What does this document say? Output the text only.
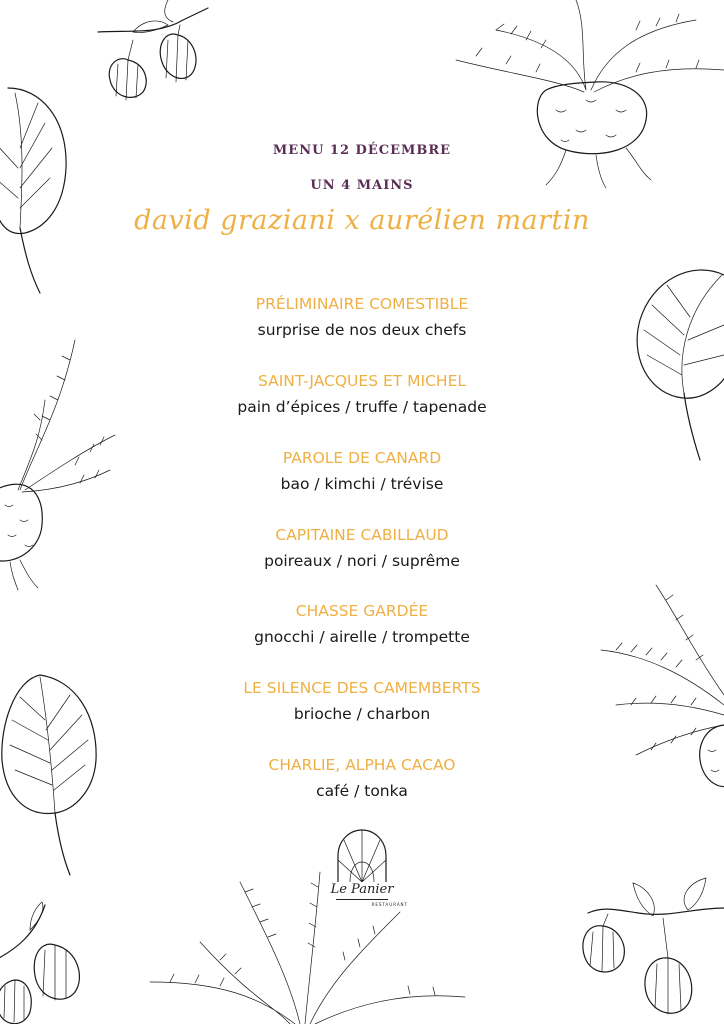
MENU 12 DÉCEMBRE
UN 4 MAINS
david graziani x aurélien martin
PRÉLIMINAIRE COMESTIBLE
surprise de nos deux chefs
SAINT-JACQUES ET MICHEL
pain d’épices / truffe / tapenade
PAROLE DE CANARD
bao / kimchi / trévise
CAPITAINE CABILLAUD
poireaux / nori / suprême
CHASSE GARDÉE
gnocchi / airelle / trompette
LE SILENCE DES CAMEMBERTS
brioche / charbon
CHARLIE, ALPHA CACAO
café / tonka
Le Panier
RESTAURANT
